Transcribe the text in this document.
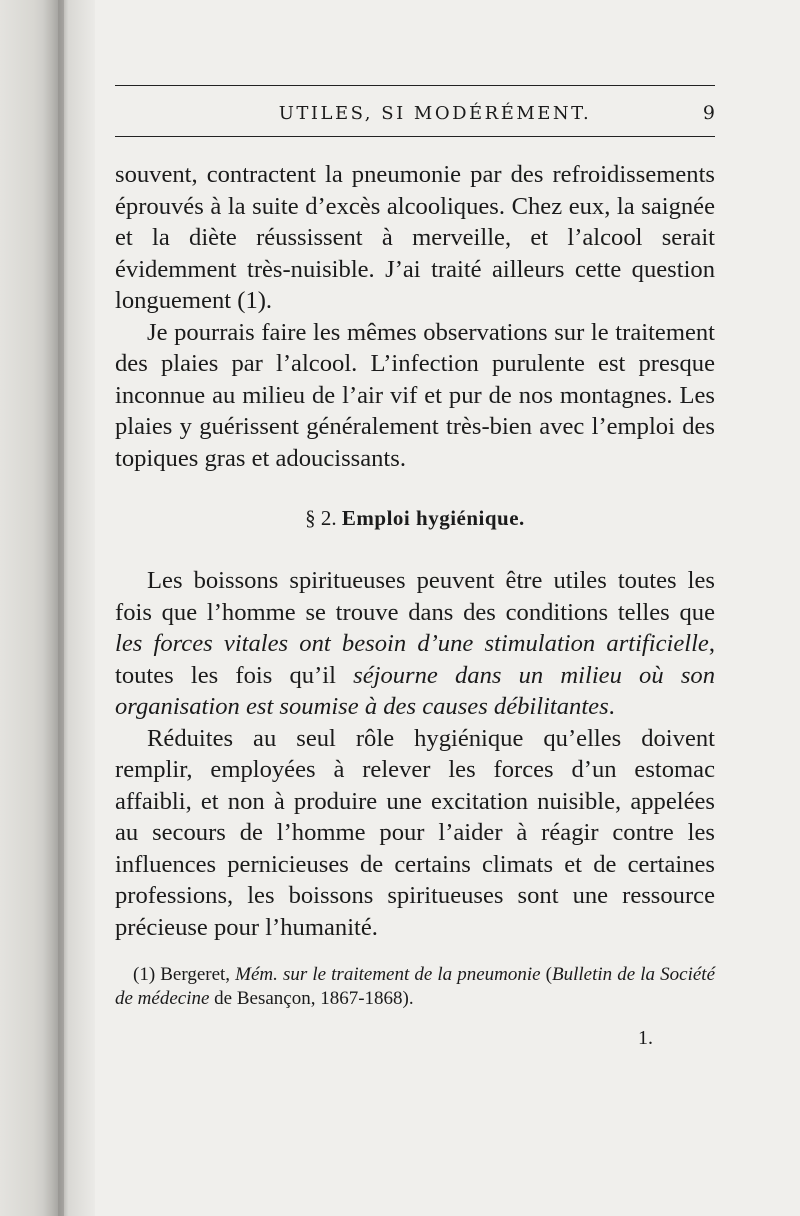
UTILES, SI MODÉRÉMENT.	9

souvent, contractent la pneumonie par des refroidissements éprouvés à la suite d’excès alcooliques. Chez eux, la saignée et la diète réussissent à merveille, et l’alcool serait évidemment très-nuisible. J’ai traité ailleurs cette question longuement (1).

Je pourrais faire les mêmes observations sur le traitement des plaies par l’alcool. L’infection purulente est presque inconnue au milieu de l’air vif et pur de nos montagnes. Les plaies y guérissent généralement très-bien avec l’emploi des topiques gras et adoucissants.

§ 2. Emploi hygiénique.

Les boissons spiritueuses peuvent être utiles toutes les fois que l’homme se trouve dans des conditions telles que les forces vitales ont besoin d’une stimulation artificielle, toutes les fois qu’il séjourne dans un milieu où son organisation est soumise à des causes débilitantes.

Réduites au seul rôle hygiénique qu’elles doivent remplir, employées à relever les forces d’un estomac affaibli, et non à produire une excitation nuisible, appelées au secours de l’homme pour l’aider à réagir contre les influences pernicieuses de certains climats et de certaines professions, les boissons spiritueuses sont une ressource précieuse pour l’humanité.

(1) Bergeret, Mém. sur le traitement de la pneumonie (Bulletin de la Société de médecine de Besançon, 1867-1868).

1.
